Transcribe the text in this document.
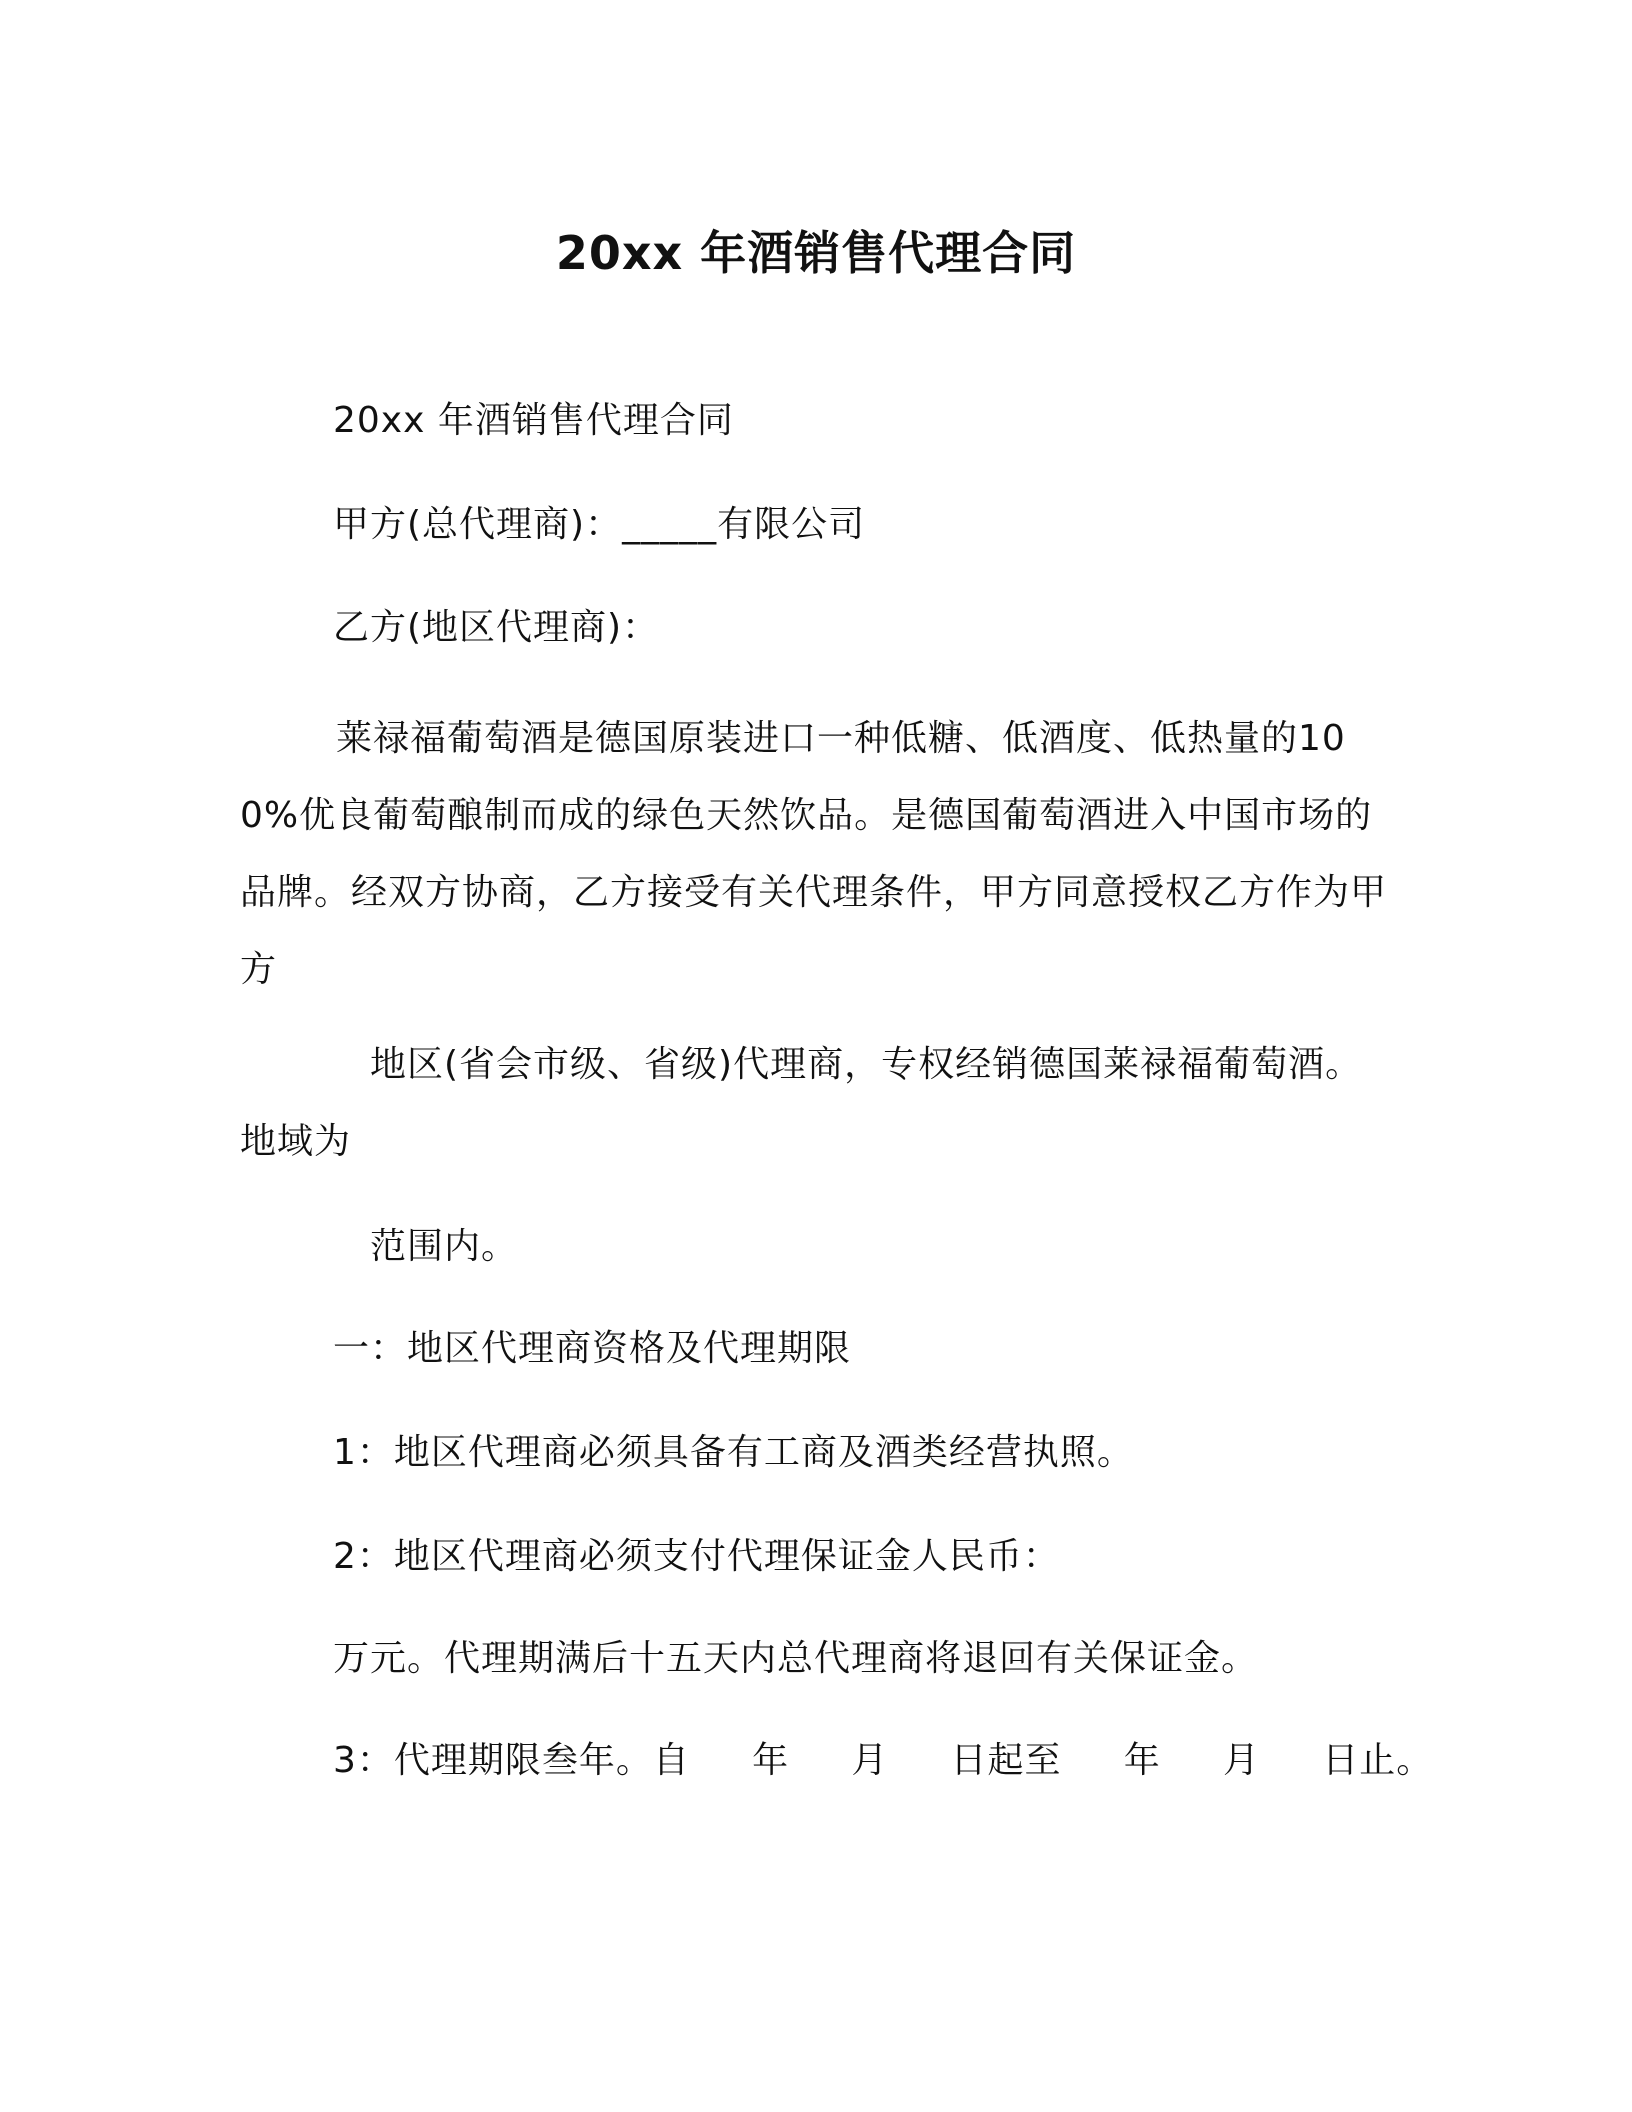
20xx 年酒销售代理合同
20xx 年酒销售代理合同
甲方(总代理商)：_____有限公司
乙方(地区代理商)：
莱禄福葡萄酒是德国原装进口一种低糖、低酒度、低热量的100%优良葡萄酿制而成的绿色天然饮品。是德国葡萄酒进入中国市场的品牌。经双方协商，乙方接受有关代理条件，甲方同意授权乙方作为甲方
地区(省会市级、省级)代理商，专权经销德国莱禄福葡萄酒。
地域为
范围内。
一：地区代理商资格及代理期限
1：地区代理商必须具备有工商及酒类经营执照。
2：地区代理商必须支付代理保证金人民币：
万元。代理期满后十五天内总代理商将退回有关保证金。
3：代理期限叁年。自     年     月     日起至     年     月     日止。
